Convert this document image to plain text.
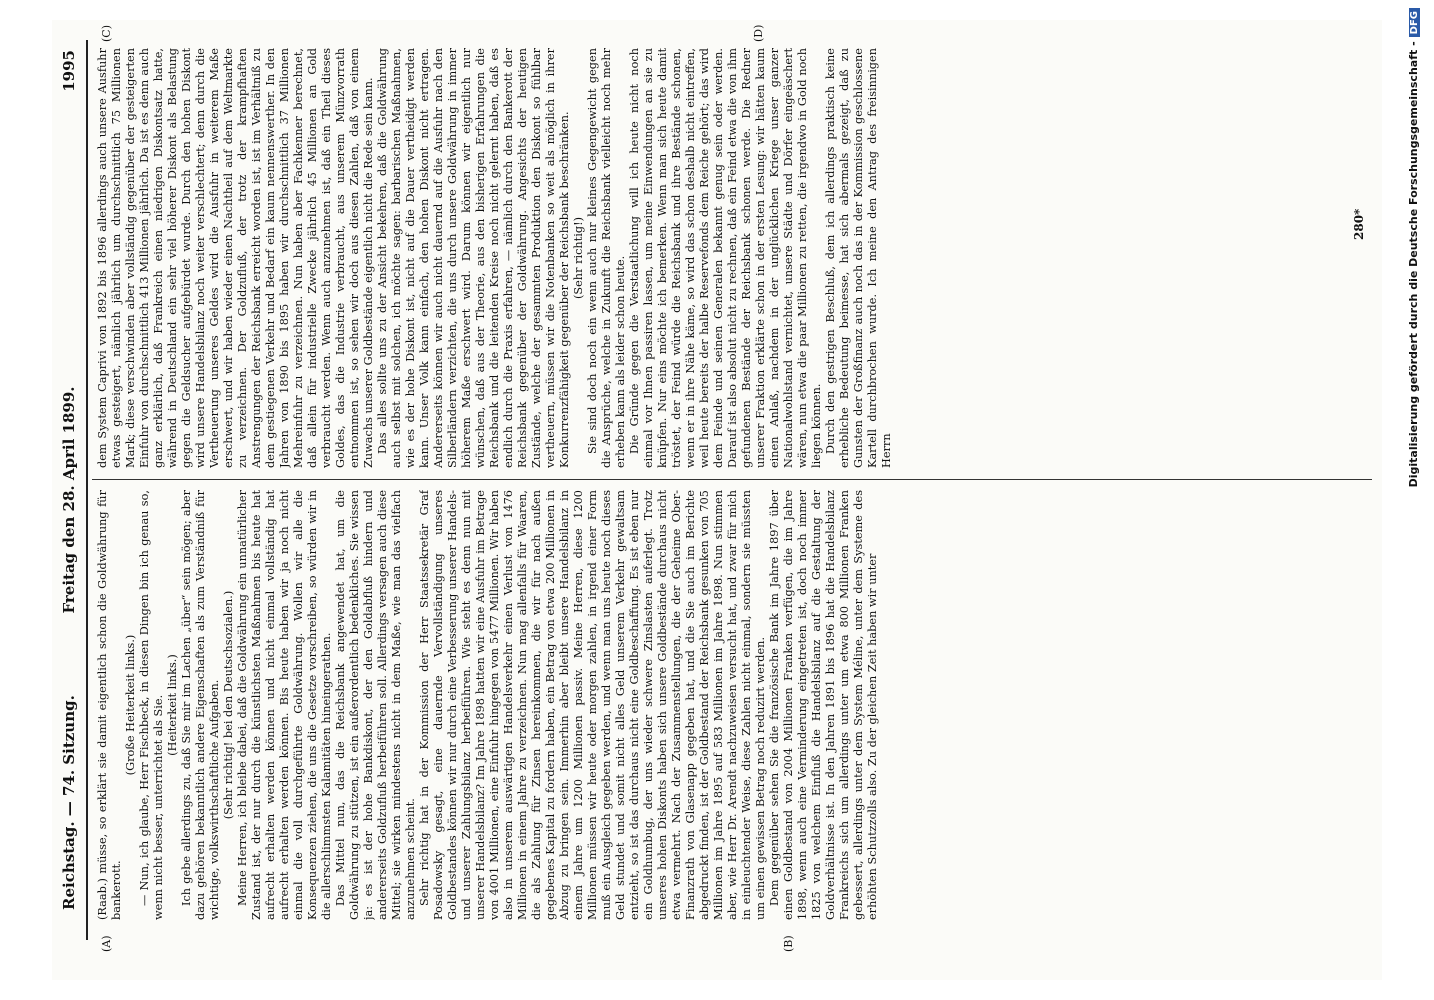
Reichstag. — 74. Sitzung.
Freitag den 28. April 1899.
1995
(A)	(B)
(C)	(D)

(Raab.) müsse, so erklärt sie damit eigentlich schon die Goldwährung für bankerott.

(Große Heiterkeit links.) — Nun, ich glaube, Herr Fischbeck, in diesen Dingen bin ich genau so, wenn nicht besser, unterrichtet als Sie. (Heiterkeit links.) Ich gebe allerdings zu, daß Sie mir im Lachen „über“ sein mögen; aber dazu gehören bekanntlich andere Eigenschaften als zum Verständniß für wichtige, volkswirthschaftliche Aufgaben. (Sehr richtig! bei den Deutschsozialen.) Meine Herren, ich bleibe dabei, daß die Goldwährung ein unnatürlicher Zustand ist, der nur durch die künstlichsten Maßnahmen bis heute hat aufrecht erhalten werden können und nicht einmal vollständig hat aufrecht erhalten werden können. Bis heute haben wir ja noch nicht einmal die voll durchgeführte Goldwährung. Wollen wir alle die Konsequenzen ziehen, die uns die Gesetze vorschreiben, so würden wir in die allerschlimmsten Kalamitäten hineingerathen. Das Mittel nun, das die Reichsbank angewendet hat, um die Goldwährung zu stützen, ist ein außerordentlich bedenkliches. Sie wissen ja: es ist der hohe Bankdiskont, der den Goldabfluß hindern und andererseits Goldzufluß herbeiführen soll. Allerdings versagen auch diese Mittel; sie wirken mindestens nicht in dem Maße, wie man das vielfach anzunehmen scheint. Sehr richtig hat in der Kommission der Herr Staatssekretär Graf Posadowsky gesagt, eine dauernde Vervollständigung unseres Goldbestandes können wir nur durch eine Verbesserung unserer Handels- und unserer Zahlungsbilanz herbeiführen. Wie steht es denn nun mit unserer Handelsbilanz? Im Jahre 1898 hatten wir eine Ausfuhr im Betrage von 4001 Millionen, eine Einfuhr hingegen von 5477 Millionen. Wir haben also in unserem auswärtigen Handelsverkehr einen Verlust von 1476 Millionen in einem Jahre zu verzeichnen. Nun mag allenfalls für Waaren, die als Zahlung für Zinsen hereinkommen, die wir für nach außen gegebenes Kapital zu fordern haben, ein Betrag von etwa 200 Millionen in Abzug zu bringen sein. Immerhin aber bleibt unsere Handelsbilanz in einem Jahre um 1200 Millionen passiv. Meine Herren, diese 1200 Millionen müssen wir heute oder morgen zahlen, in irgend einer Form muß ein Ausgleich gegeben werden, und wenn man uns heute noch dieses Geld stundet und somit nicht alles Geld unserem Verkehr gewaltsam entzieht, so ist das durchaus nicht eine Goldbeschaffung. Es ist eben nur ein Goldhumbug, der uns wieder schwere Zinslasten auferlegt. Trotz unseres hohen Diskonts haben sich unsere Goldbestände durchaus nicht etwa vermehrt. Nach der Zusammenstellungen, die der Geheime Ober-Finanzrath von Glasenapp gegeben hat, und die Sie auch im Berichte abgedruckt finden, ist der Goldbestand der Reichsbank gesunken von 705 Millionen im Jahre 1895 auf 583 Millionen im Jahre 1898. Nun stimmen aber, wie Herr Dr. Arendt nachzuweisen versucht hat, und zwar für mich in einleuchtender Weise, diese Zahlen nicht einmal, sondern sie müssten um einen gewissen Betrag noch reduzirt werden. Dem gegenüber sehen Sie die französische Bank im Jahre 1897 über einen Goldbestand von 2004 Millionen Franken verfügen, die im Jahre 1898, wenn auch eine Verminderung eingetreten ist, doch noch immer 1825 von welchem Einfluß die Handelsbilanz auf die Gestaltung der Goldverhältnisse ist. In den Jahren 1891 bis 1896 hat die Handelsbilanz Frankreichs sich um allerdings unter um etwa 800 Millionen Franken gebessert, allerdings unter dem System Méline, unter dem Systeme des erhöhten Schutzzolls also. Zu der gleichen Zeit haben wir unter

dem System Caprivi von 1892 bis 1896 allerdings auch unsere Ausfuhr etwas gesteigert, nämlich jährlich um durchschnittlich 75 Millionen Mark; diese verschwinden aber vollständig gegenüber der gesteigerten Einfuhr von durchschnittlich 413 Millionen jährlich. Da ist es denn auch ganz erklärlich, daß Frankreich einen niedrigen Diskontsatz hatte, während in Deutschland ein sehr viel höherer Diskont als Belastung gegen die Geldsucher aufgebürdet wurde. Durch den hohen Diskont wird unsere Handelsbilanz noch weiter verschlechtert; denn durch die Vertheuerung unseres Geldes wird die Ausfuhr in weiterem Maße erschwert, und wir haben wieder einen Nachtheil auf dem Weltmarkte zu verzeichnen. Der Goldzufluß, der trotz der krampfhaften Anstrengungen der Reichsbank erreicht worden ist, ist im Verhältniß zu dem gestiegenen Verkehr und Bedarf ein kaum nennenswerther. In den Jahren von 1890 bis 1895 haben wir durchschnittlich 37 Millionen Mehreinfuhr zu verzeichnen. Nun haben aber Fachkenner berechnet, daß allein für industrielle Zwecke jährlich 45 Millionen an Gold verbraucht werden. Wenn auch anzunehmen ist, daß ein Theil dieses Goldes, das die Industrie verbraucht, aus unserem Münzvorrath entnommen ist, so sehen wir doch aus diesen Zahlen, daß von einem Zuwachs unserer Goldbestände eigentlich nicht die Rede sein kann. Das alles sollte uns zu der Ansicht bekehren, daß die Goldwährung auch selbst mit solchen, ich möchte sagen: barbarischen Maßnahmen, wie es der hohe Diskont ist, nicht auf die Dauer vertheidigt werden kann. Unser Volk kann einfach, den hohen Diskont nicht ertragen. Andererseits können wir auch nicht dauernd auf die Ausfuhr nach den Silberländern verzichten, die uns durch unsere Goldwährung in immer höherem Maße erschwert wird. Darum können wir eigentlich nur wünschen, daß aus der Theorie, aus den bisherigen Erfahrungen die Reichsbank und die leitenden Kreise noch nicht gelernt haben, daß es endlich durch die Praxis erfahren, — nämlich durch den Bankerott der Reichsbank gegenüber der Goldwährung. Angesichts der heutigen Zustände, welche der gesammten Produktion den Diskont so fühlbar vertheuern, müssen wir die Notenbanken so weit als möglich in ihrer Konkurrenzfähigkeit gegenüber der Reichsbank beschränken. (Sehr richtig!) Sie sind doch noch ein wenn auch nur kleines Gegengewicht gegen die Ansprüche, welche in Zukunft die Reichsbank vielleicht noch mehr erheben kann als leider schon heute. Die Gründe gegen die Verstaatlichung will ich heute nicht noch einmal vor Ihnen passiren lassen, um meine Einwendungen an sie zu knüpfen. Nur eins möchte ich bemerken. Wenn man sich heute damit tröstet, der Feind würde die Reichsbank und ihre Bestände schonen, wenn er in ihre Nähe käme, so wird das schon deshalb nicht eintreffen, weil heute bereits der halbe Reservefonds dem Reiche gehört; das wird dem Feinde und seinen Generalen bekannt genug sein oder werden. Darauf ist also absolut nicht zu rechnen, daß ein Feind etwa die von ihm gefundenen Bestände der Reichsbank schonen werde. Die Redner unserer Fraktion erklärte schon in der ersten Lesung: wir hätten kaum einen Anlaß, nachdem in der unglücklichen Kriege unser ganzer Nationalwohlstand vernichtet, unsere Städte und Dörfer eingeäschert wären, nun etwa die paar Millionen zu retten, die irgendwo in Gold noch liegen können. Durch den gestrigen Beschluß, dem ich allerdings praktisch keine erhebliche Bedeutung beimesse, hat sich abermals gezeigt, daß zu Gunsten der Großfinanz auch noch das in der Kommission geschlossene Kartell durchbrochen wurde. Ich meine den Antrag des freisinnigen Herrn

280*	Digitalisierung gefördert durch die Deutsche Forschungsgemeinschaft -DFG
